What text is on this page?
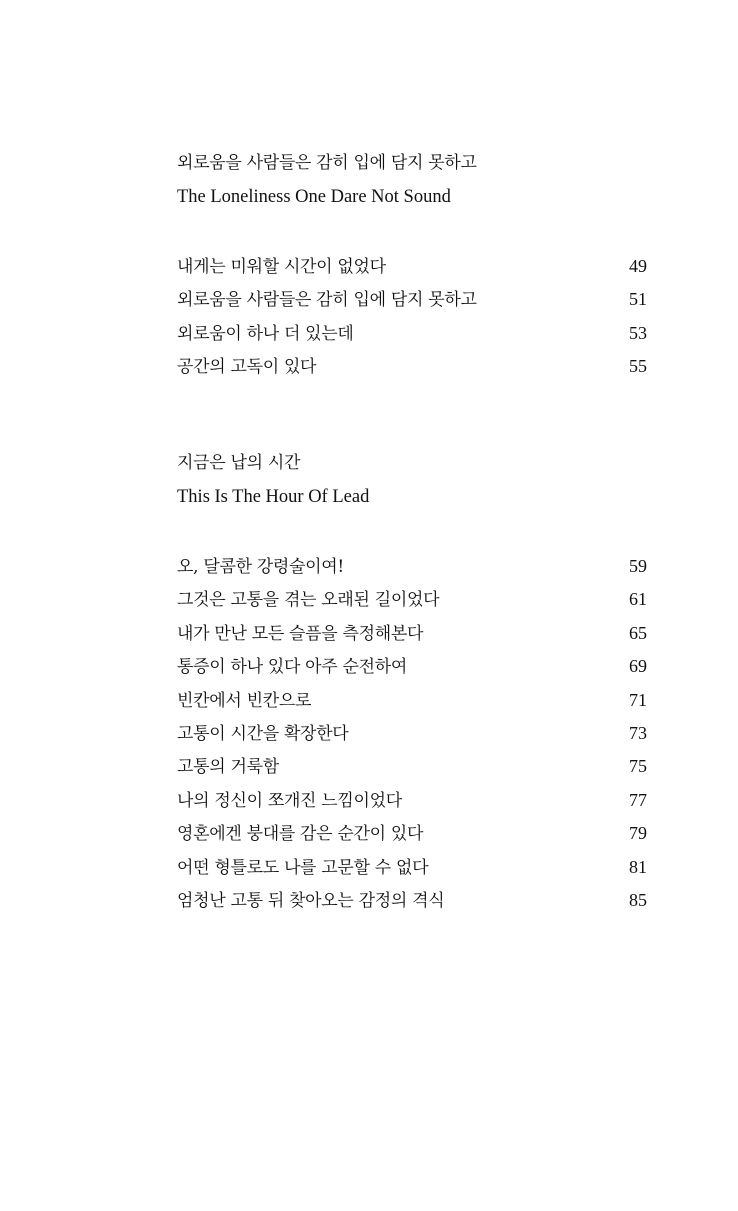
외로움을 사람들은 감히 입에 담지 못하고
The Loneliness One Dare Not Sound
내게는 미워할 시간이 없었다	49
외로움을 사람들은 감히 입에 담지 못하고	51
외로움이 하나 더 있는데	53
공간의 고독이 있다	55
지금은 납의 시간
This Is The Hour Of Lead
오, 달콤한 강령술이여!	59
그것은 고통을 겪는 오래된 길이었다	61
내가 만난 모든 슬픔을 측정해본다	65
통증이 하나 있다 아주 순전하여	69
빈칸에서 빈칸으로	71
고통이 시간을 확장한다	73
고통의 거룩함	75
나의 정신이 쪼개진 느낌이었다	77
영혼에겐 붕대를 감은 순간이 있다	79
어떤 형틀로도 나를 고문할 수 없다	81
엄청난 고통 뒤 찾아오는 감정의 격식	85
